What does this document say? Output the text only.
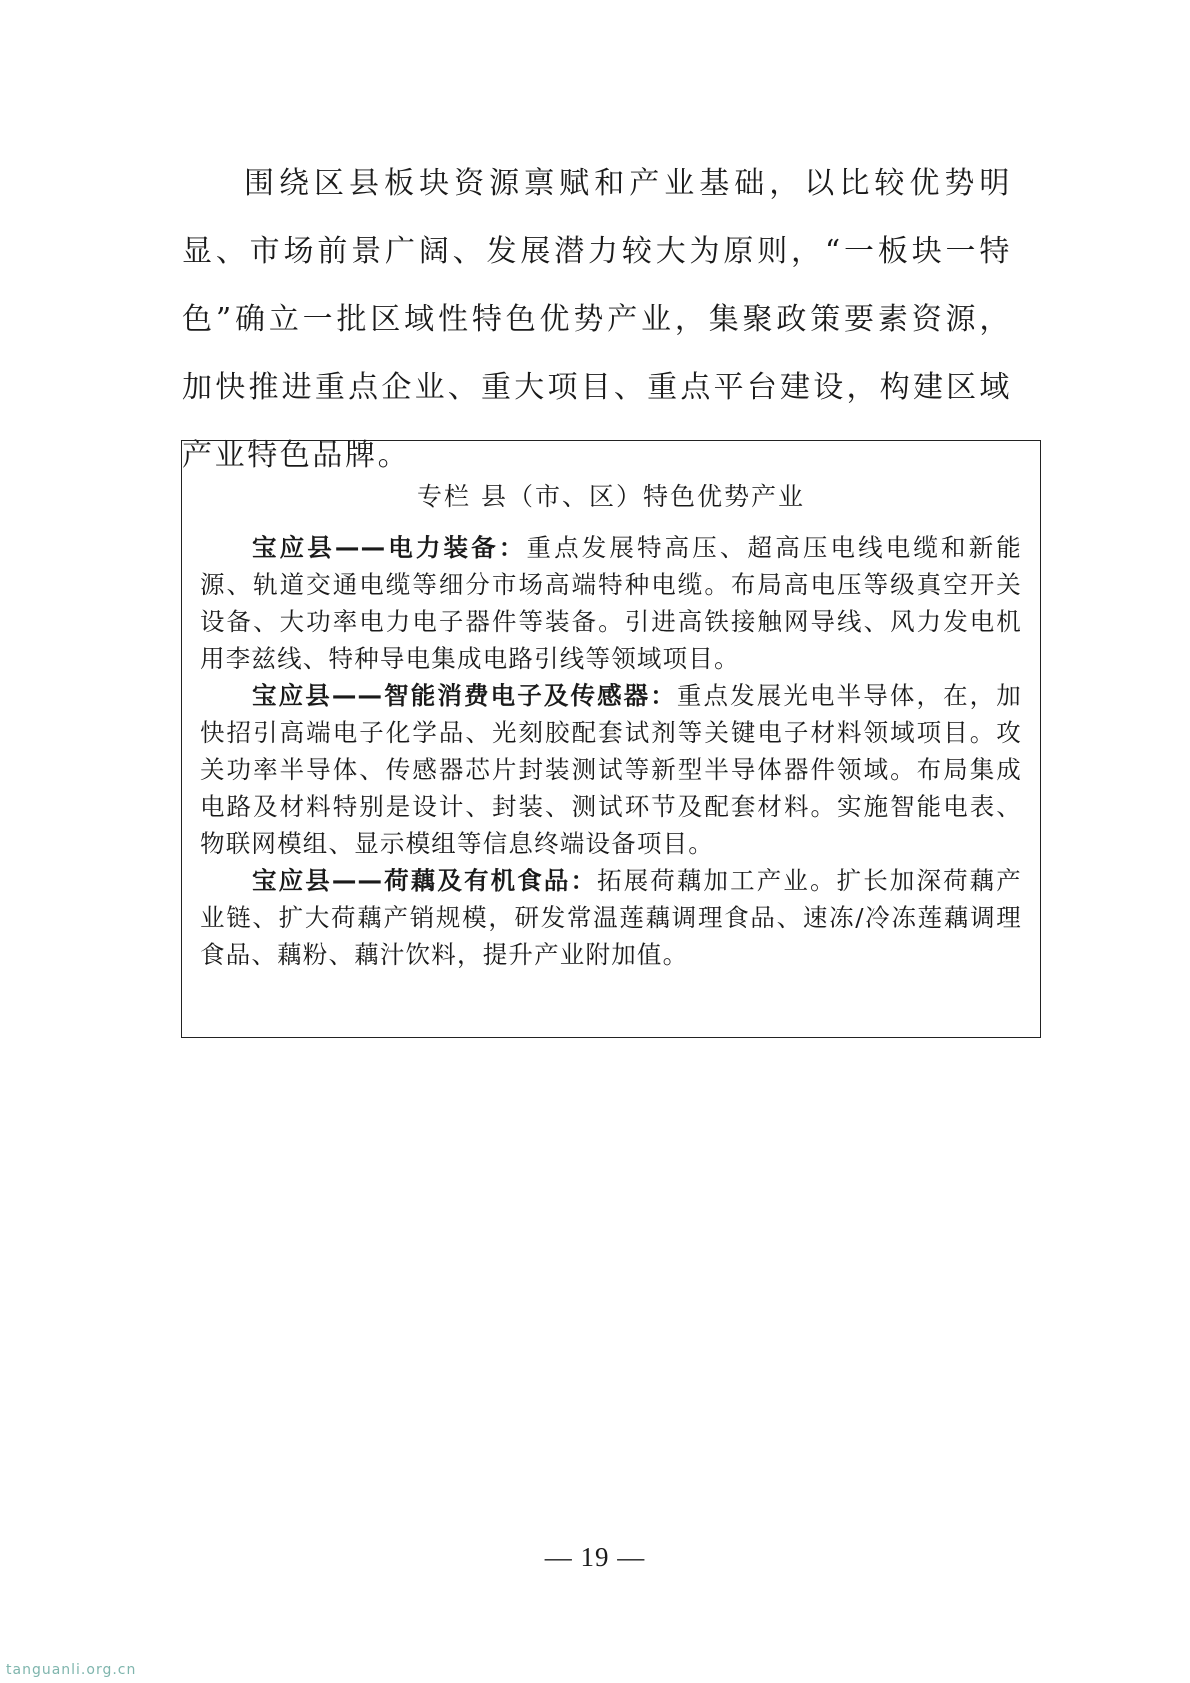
围绕区县板块资源禀赋和产业基础，以比较优势明显、市场前景广阔、发展潜力较大为原则，“一板块一特色”确立一批区域性特色优势产业，集聚政策要素资源，加快推进重点企业、重大项目、重点平台建设，构建区域产业特色品牌。

专栏 县（市、区）特色优势产业

宝应县——电力装备：重点发展特高压、超高压电线电缆和新能源、轨道交通电缆等细分市场高端特种电缆。布局高电压等级真空开关设备、大功率电力电子器件等装备。引进高铁接触网导线、风力发电机用李兹线、特种导电集成电路引线等领域项目。

宝应县——智能消费电子及传感器：重点发展光电半导体，在，加快招引高端电子化学品、光刻胶配套试剂等关键电子材料领域项目。攻关功率半导体、传感器芯片封装测试等新型半导体器件领域。布局集成电路及材料特别是设计、封装、测试环节及配套材料。实施智能电表、物联网模组、显示模组等信息终端设备项目。

宝应县——荷藕及有机食品：拓展荷藕加工产业。扩长加深荷藕产业链、扩大荷藕产销规模，研发常温莲藕调理食品、速冻/冷冻莲藕调理食品、藕粉、藕汁饮料，提升产业附加值。

— 19 —

tanguanli.org.cn
